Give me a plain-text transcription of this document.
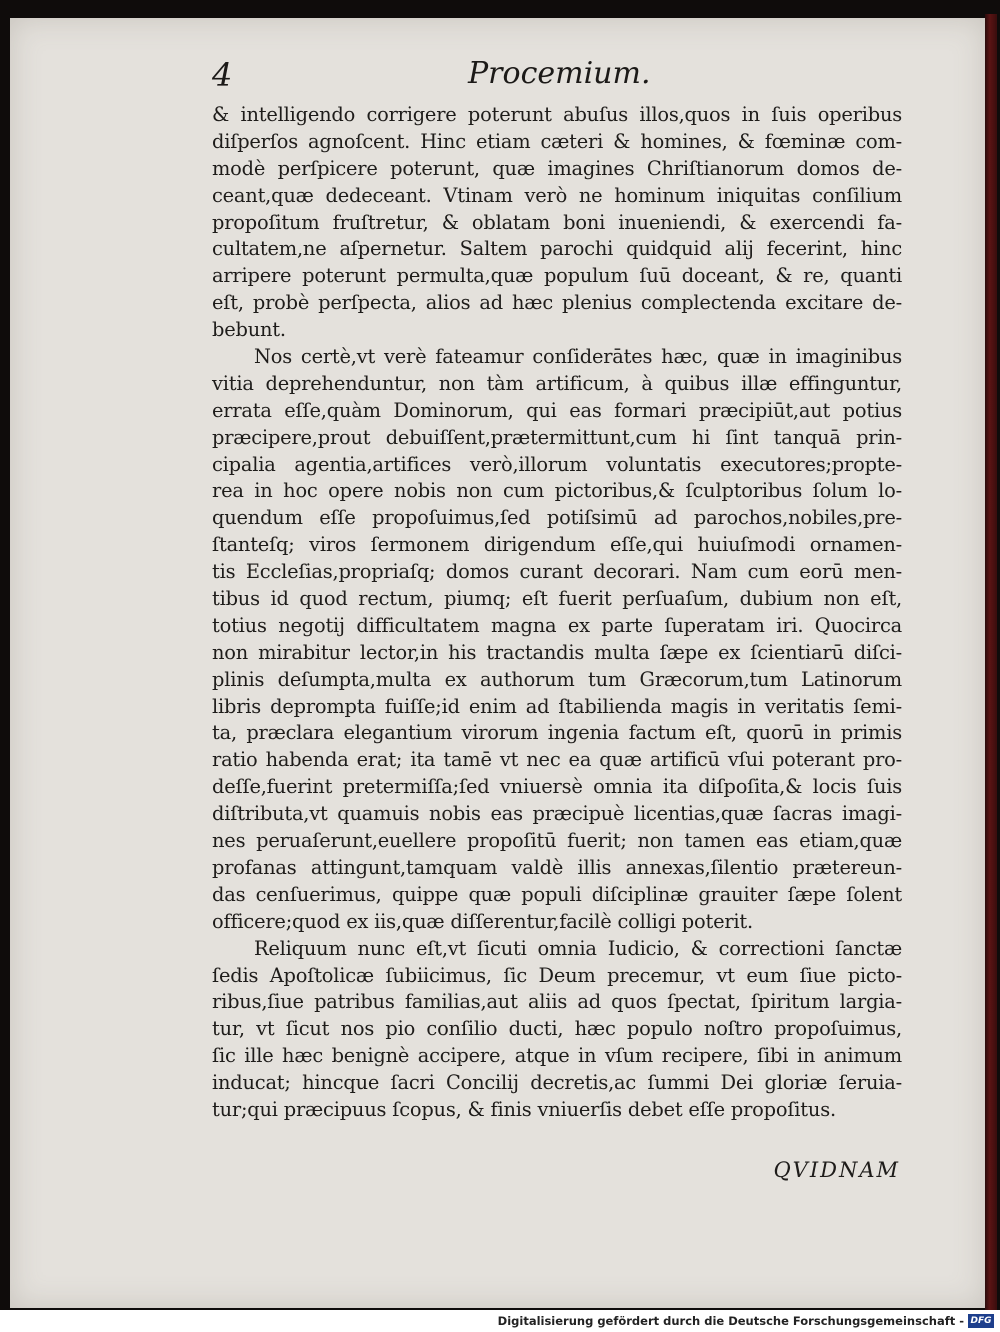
4	Procemium.
& intelligendo corrigere poterunt abuſus illos,quos in ſuis operibus
diſperſos agnoſcent. Hinc etiam cæteri & homines, & fœminæ com-
modè perſpicere poterunt, quæ imagines Chriſtianorum domos de-
ceant,quæ dedeceant. Vtinam verò ne hominum iniquitas conſilium
propoſitum fruſtretur, & oblatam boni inueniendi, & exercendi fa-
cultatem,ne aſpernetur. Saltem parochi quidquid alij fecerint, hinc
arripere poterunt permulta,quæ populum ſuū doceant, & re, quanti
eſt, probè perſpecta, alios ad hæc plenius complectenda excitare de-
bebunt.
Nos certè,vt verè fateamur conſiderātes hæc, quæ in imaginibus
vitia deprehenduntur, non tàm artificum, à quibus illæ effinguntur,
errata eſſe,quàm Dominorum, qui eas formari præcipiūt,aut potius
præcipere,prout debuiſſent,prætermittunt,cum hi ſint tanquā prin-
cipalia agentia,artifices verò,illorum voluntatis executores;propte-
rea in hoc opere nobis non cum pictoribus,& ſculptoribus ſolum lo-
quendum eſſe propoſuimus,ſed potiſsimū ad parochos,nobiles,pre-
ſtanteſq; viros ſermonem dirigendum eſſe,qui huiuſmodi ornamen-
tis Eccleſias,propriaſq; domos curant decorari. Nam cum eorū men-
tibus id quod rectum, piumq; eſt fuerit perſuaſum, dubium non eſt,
totius negotij difficultatem magna ex parte ſuperatam iri. Quocirca
non mirabitur lector,in his tractandis multa ſæpe ex ſcientiarū diſci-
plinis deſumpta,multa ex authorum tum Græcorum,tum Latinorum
libris deprompta fuiſſe;id enim ad ſtabilienda magis in veritatis ſemi-
ta, præclara elegantium virorum ingenia factum eſt, quorū in primis
ratio habenda erat; ita tamē vt nec ea quæ artificū vſui poterant pro-
deſſe,fuerint pretermiſſa;ſed vniuersè omnia ita diſpoſita,& locis ſuis
diſtributa,vt quamuis nobis eas præcipuè licentias,quæ ſacras imagi-
nes peruaſerunt,euellere propoſitū fuerit; non tamen eas etiam,quæ
profanas attingunt,tamquam valdè illis annexas,ſilentio prætereun-
das cenſuerimus, quippe quæ populi diſciplinæ grauiter ſæpe ſolent
officere;quod ex iis,quæ diſſerentur,facilè colligi poterit.
Reliquum nunc eſt,vt ſicuti omnia Iudicio, & correctioni ſanctæ
ſedis Apoſtolicæ ſubiicimus, ſic Deum precemur, vt eum ſiue picto-
ribus,ſiue patribus familias,aut aliis ad quos ſpectat, ſpiritum largia-
tur, vt ſicut nos pio conſilio ducti, hæc populo noſtro propoſuimus,
ſic ille hæc benignè accipere, atque in vſum recipere, ſibi in animum
inducat; hincque ſacri Concilij decretis,ac ſummi Dei gloriæ ſeruia-
tur;qui præcipuus ſcopus, & finis vniuerſis debet eſſe propoſitus.
QVIDNAM
Digitalisierung gefördert durch die Deutsche Forschungsgemeinschaft - DFG
